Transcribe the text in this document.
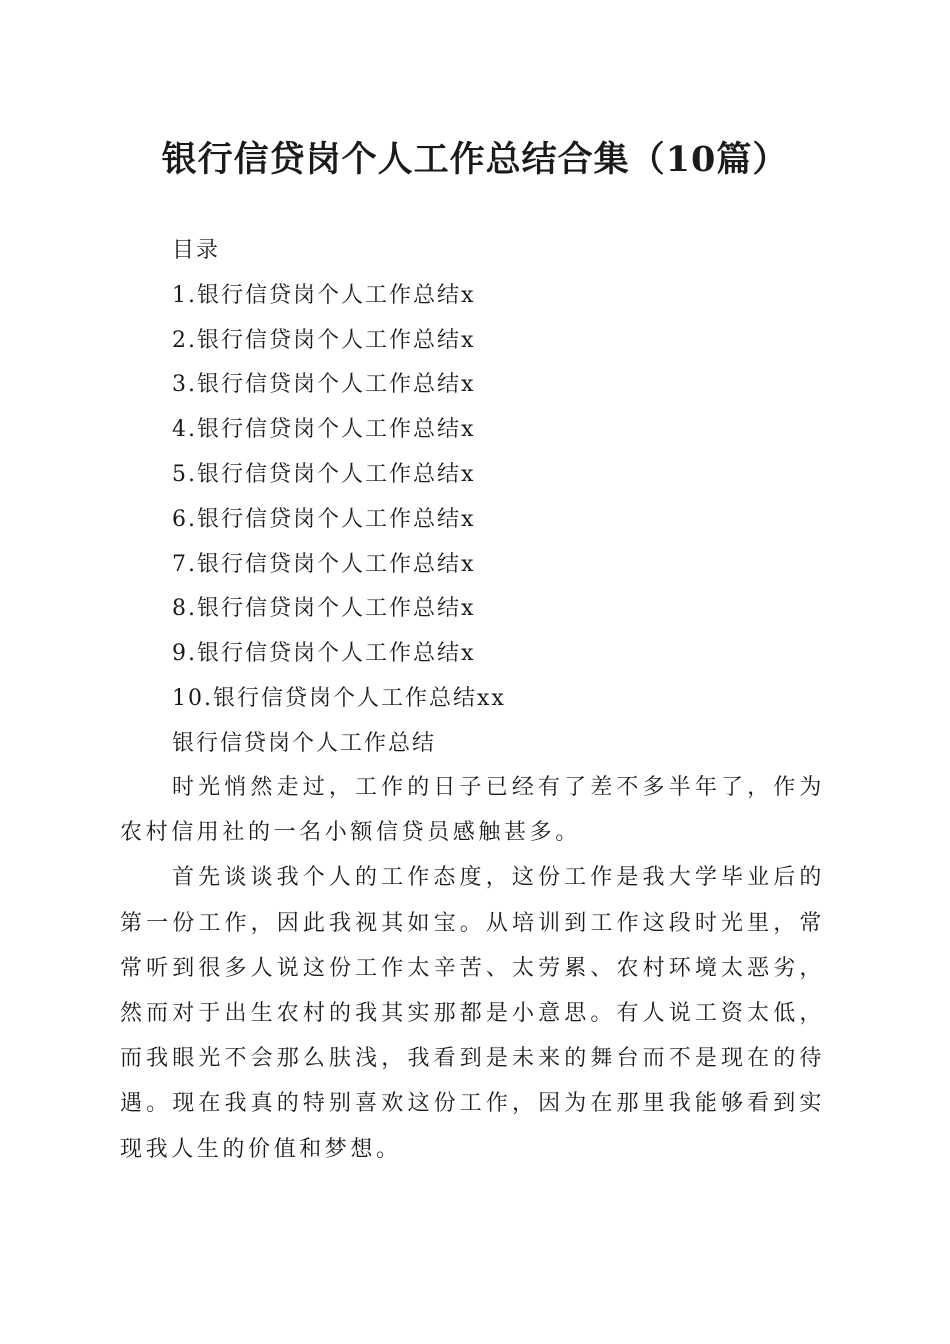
银行信贷岗个人工作总结合集（10篇）
目录
1.银行信贷岗个人工作总结x
2.银行信贷岗个人工作总结x
3.银行信贷岗个人工作总结x
4.银行信贷岗个人工作总结x
5.银行信贷岗个人工作总结x
6.银行信贷岗个人工作总结x
7.银行信贷岗个人工作总结x
8.银行信贷岗个人工作总结x
9.银行信贷岗个人工作总结x
10.银行信贷岗个人工作总结xx
银行信贷岗个人工作总结

时光悄然走过，工作的日子已经有了差不多半年了，作为农村信用社的一名小额信贷员感触甚多。

首先谈谈我个人的工作态度，这份工作是我大学毕业后的第一份工作，因此我视其如宝。从培训到工作这段时光里，常常听到很多人说这份工作太辛苦、太劳累、农村环境太恶劣，然而对于出生农村的我其实那都是小意思。有人说工资太低，而我眼光不会那么肤浅，我看到是未来的舞台而不是现在的待遇。现在我真的特别喜欢这份工作，因为在那里我能够看到实现我人生的价值和梦想。
